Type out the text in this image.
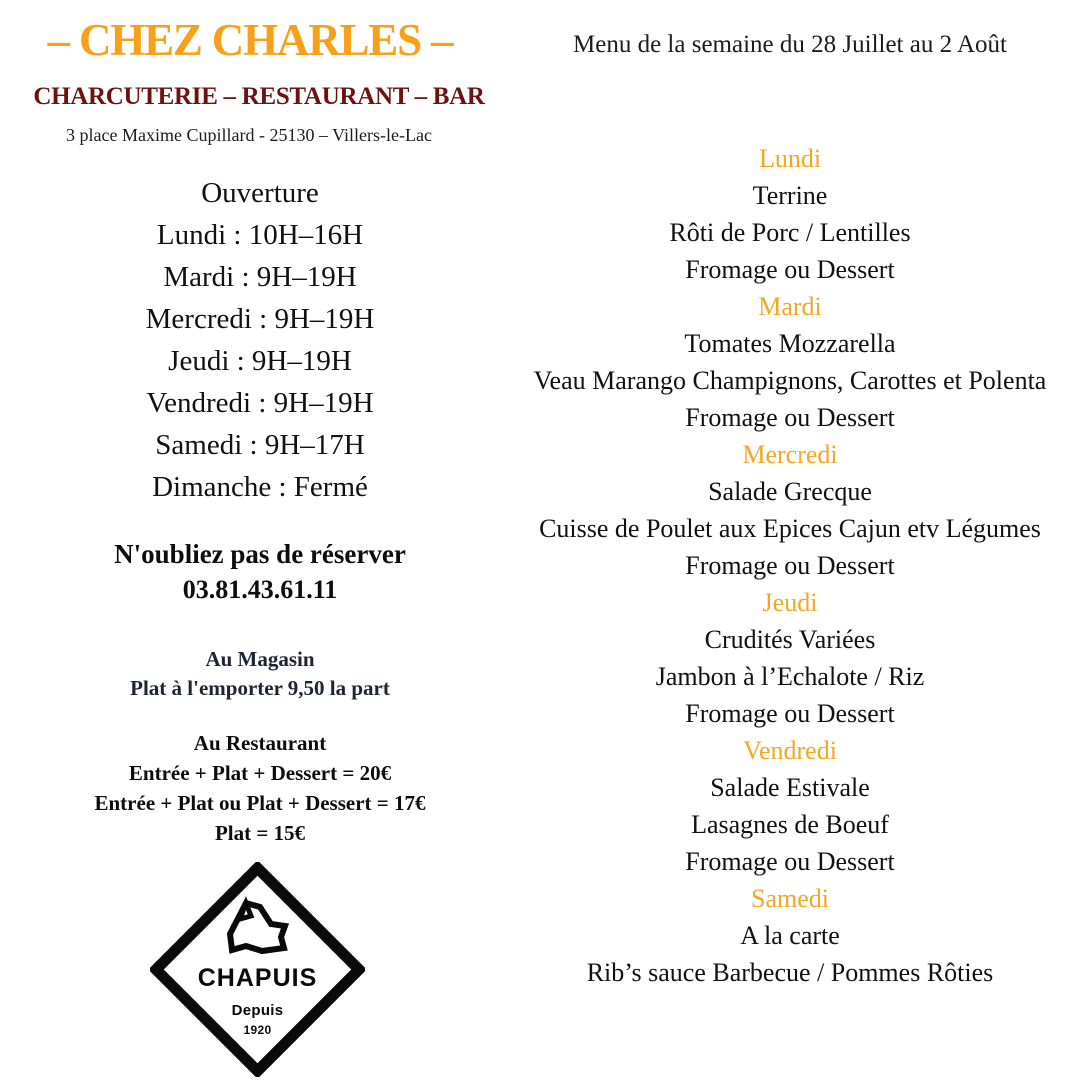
– CHEZ CHARLES –
CHARCUTERIE – RESTAURANT – BAR
3 place Maxime Cupillard - 25130 – Villers-le-Lac
Ouverture
Lundi : 10H–16H
Mardi : 9H–19H
Mercredi : 9H–19H
Jeudi : 9H–19H
Vendredi : 9H–19H
Samedi : 9H–17H
Dimanche : Fermé
N'oubliez pas de réserver
03.81.43.61.11
Au Magasin
Plat à l'emporter 9,50 la part
Au Restaurant
Entrée + Plat + Dessert = 20€
Entrée + Plat ou Plat + Dessert = 17€
Plat = 15€
CHAPUIS
Depuis
1920
Menu de la semaine du 28 Juillet au 2 Août
Lundi
Terrine
Rôti de Porc / Lentilles
Fromage ou Dessert
Mardi
Tomates Mozzarella
Veau Marango Champignons, Carottes et Polenta
Fromage ou Dessert
Mercredi
Salade Grecque
Cuisse de Poulet aux Epices Cajun etv Légumes
Fromage ou Dessert
Jeudi
Crudités Variées
Jambon à l’Echalote / Riz
Fromage ou Dessert
Vendredi
Salade Estivale
Lasagnes de Boeuf
Fromage ou Dessert
Samedi
A la carte
Rib’s sauce Barbecue / Pommes Rôties
